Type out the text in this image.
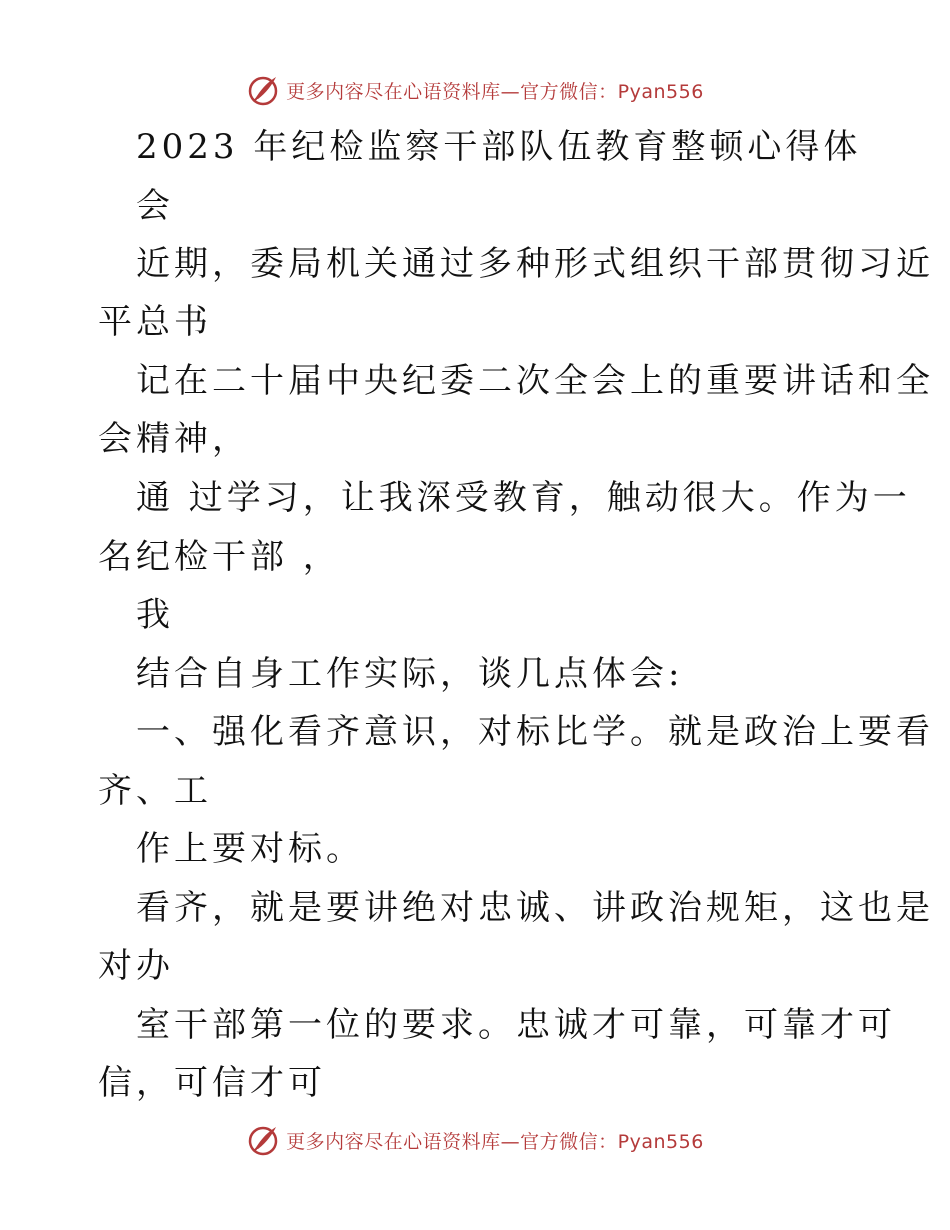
更多内容尽在心语资料库—官方微信：Pyan556
2023 年纪检监察干部队伍教育整顿心得体
会
近期，委局机关通过多种形式组织干部贯彻习近
平总书
记在二十届中央纪委二次全会上的重要讲话和全
会精神，
通 过学习，让我深受教育，触动很大。作为一
名纪检干部 ，
我
结合自身工作实际，谈几点体会:
一、强化看齐意识，对标比学。就是政治上要看
齐、工
作上要对标。
看齐，就是要讲绝对忠诚、讲政治规矩，这也是
对办
室干部第一位的要求。忠诚才可靠，可靠才可
信，可信才可
更多内容尽在心语资料库—官方微信：Pyan556
